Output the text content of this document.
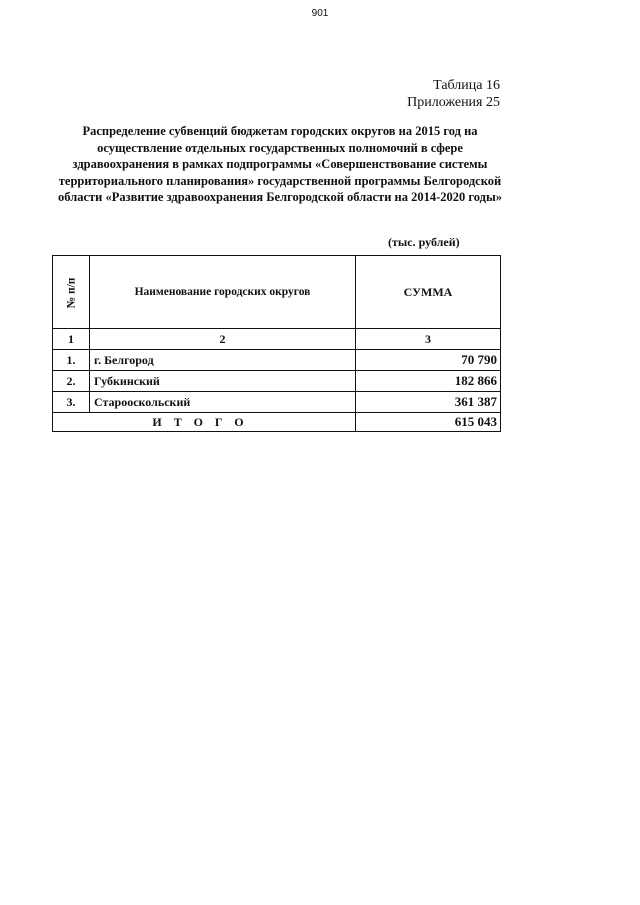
901
Таблица 16
Приложения 25
Распределение субвенций бюджетам городских округов на 2015 год на осуществление отдельных государственных полномочий в сфере здравоохранения в рамках подпрограммы «Совершенствование системы территориального планирования» государственной программы Белгородской области «Развитие здравоохранения Белгородской области на 2014-2020 годы»
(тыс. рублей)
№ п/п	Наименование городских округов	СУММА
1	2	3
1.	г. Белгород	70 790
2.	Губкинский	182 866
3.	Старооскольский	361 387
ИТОГО		615 043
